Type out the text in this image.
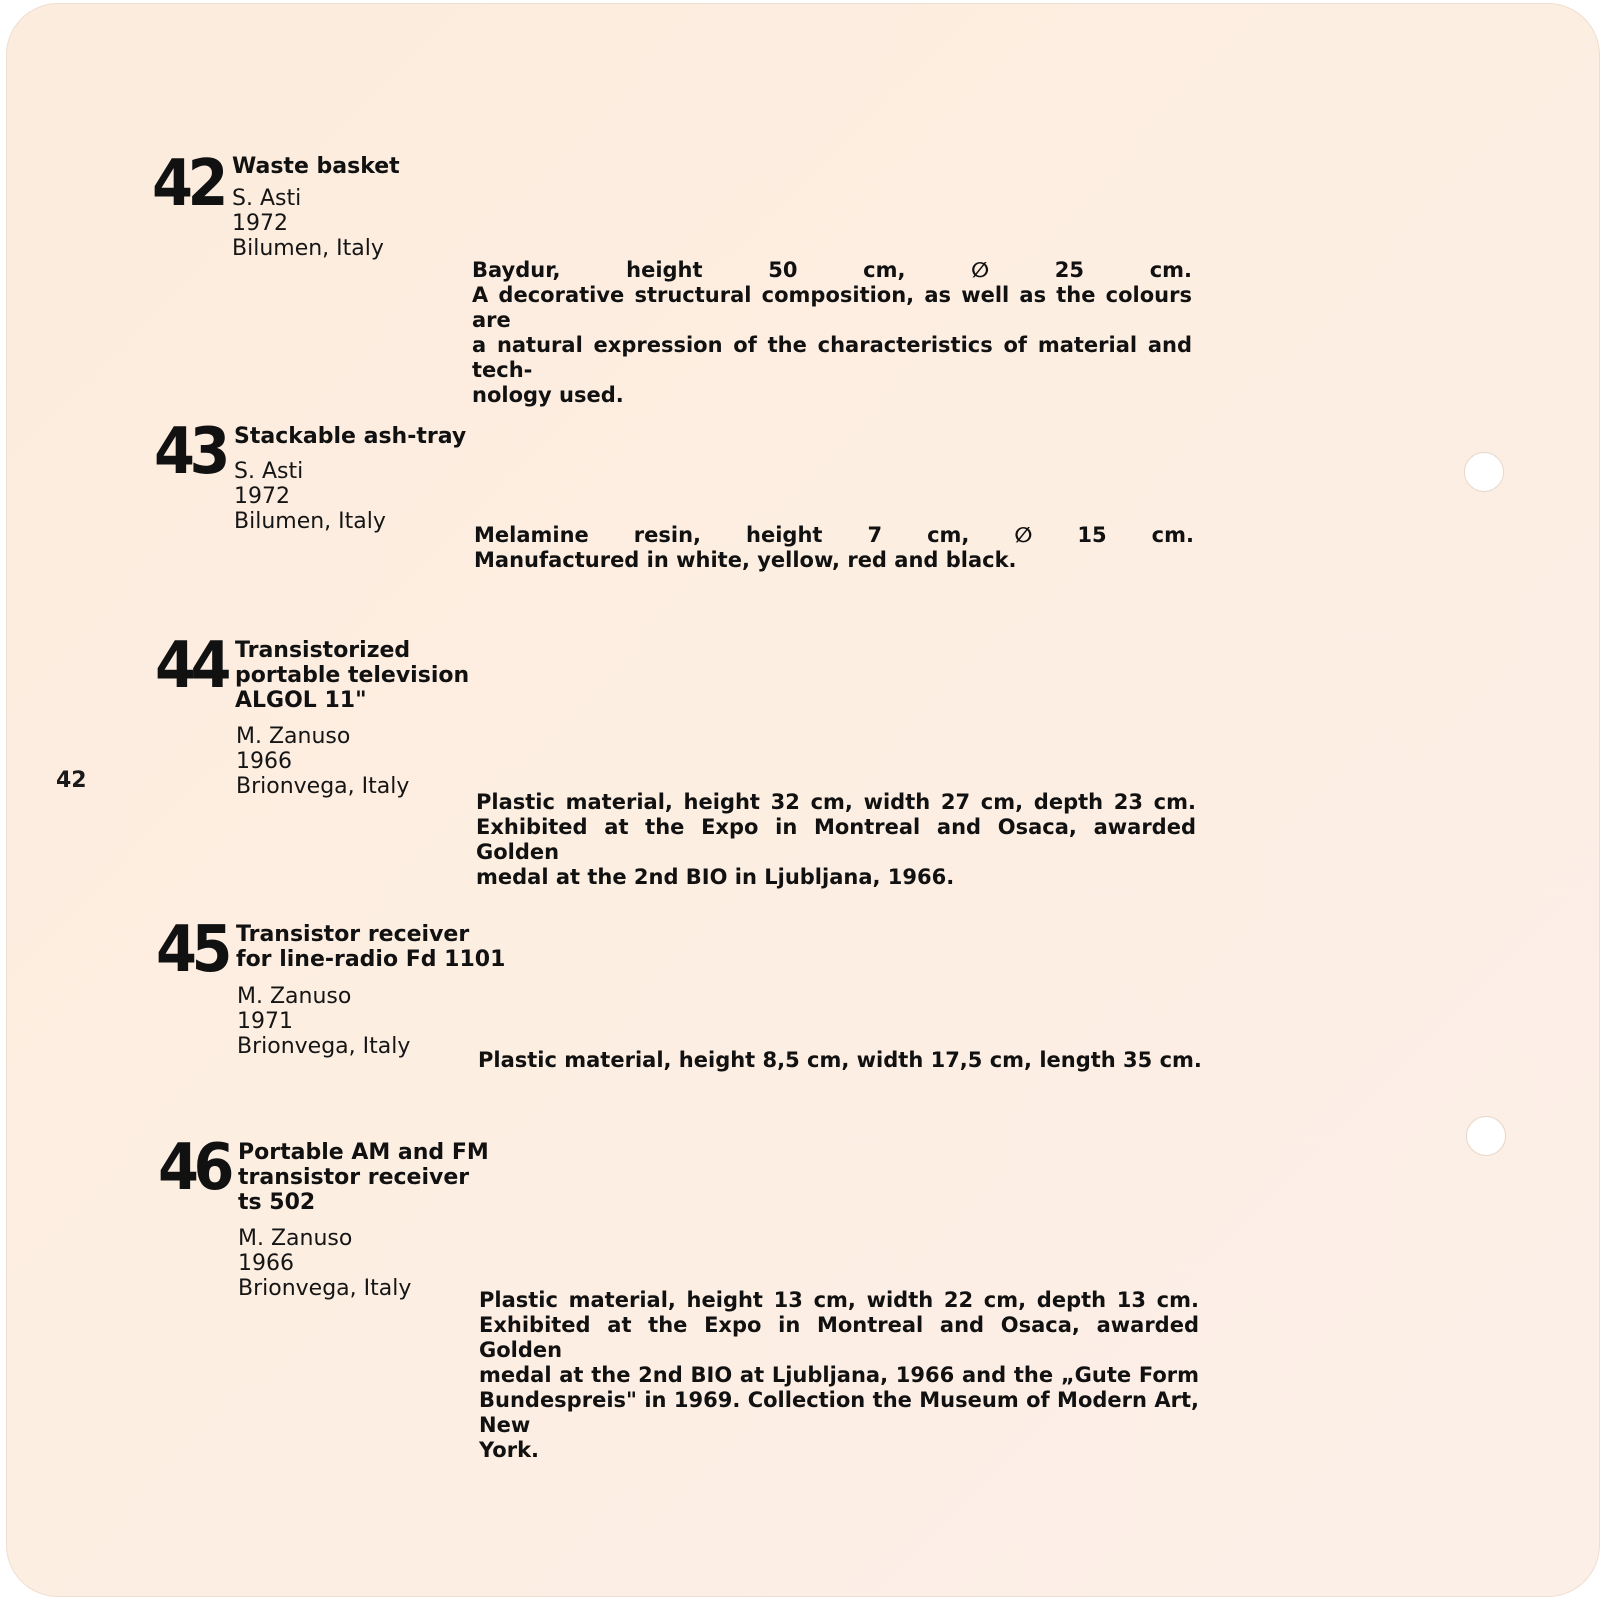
42
42 Waste basket
S. Asti
1972
Bilumen, Italy
Baydur, height 50 cm, ∅ 25 cm.
A decorative structural composition, as well as the colours are
a natural expression of the characteristics of material and tech-
nology used.
43 Stackable ash-tray
S. Asti
1972
Bilumen, Italy
Melamine resin, height 7 cm, ∅ 15 cm.
Manufactured in white, yellow, red and black.
44 Transistorized
portable television
ALGOL 11"
M. Zanuso
1966
Brionvega, Italy
Plastic material, height 32 cm, width 27 cm, depth 23 cm.
Exhibited at the Expo in Montreal and Osaca, awarded Golden
medal at the 2nd BIO in Ljubljana, 1966.
45 Transistor receiver
for line-radio Fd 1101
M. Zanuso
1971
Brionvega, Italy
Plastic material, height 8,5 cm, width 17,5 cm, length 35 cm.
46 Portable AM and FM
transistor receiver
ts 502
M. Zanuso
1966
Brionvega, Italy	Plastic material, height 13 cm, width 22 cm, depth 13 cm.
Exhibited at the Expo in Montreal and Osaca, awarded Golden
medal at the 2nd BIO at Ljubljana, 1966 and the „Gute Form
Bundespreis" in 1969. Collection the Museum of Modern Art, New
York.
